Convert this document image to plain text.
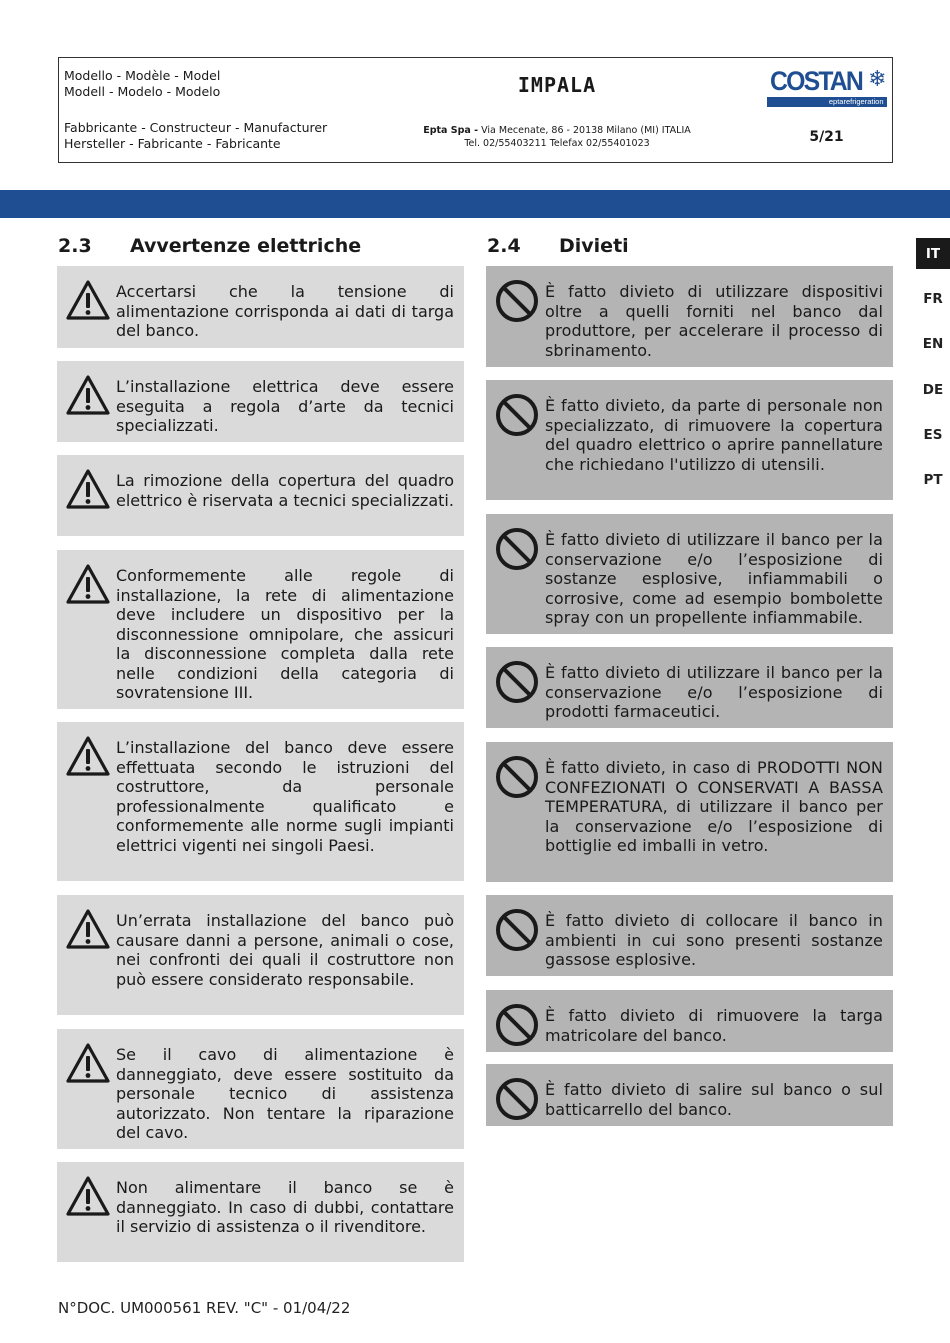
Modello - Modèle - Model
Modell - Modelo - Modelo	IMPALA	COSTAN ❄
eptarefrigeration
Fabbricante - Constructeur - Manufacturer
Hersteller - Fabricante - Fabricante
Epta Spa - Via Mecenate, 86 - 20138 Milano (MI) ITALIA
Tel. 02/55403211 Telefax 02/55401023	5/21
IT
FR
EN
DE
ES
PT
2.3 Avvertenze elettriche	2.4 Divieti
Accertarsi che la tensione di alimentazione corrisponda ai dati di targa del banco.
L’installazione elettrica deve essere eseguita a regola d’arte da tecnici specializzati.
La rimozione della copertura del quadro elettrico è riservata a tecnici specializzati.
Conformemente alle regole di installazione, la rete di alimentazione deve includere un dispositivo per la disconnessione omnipolare, che assicuri la disconnessione completa dalla rete nelle condizioni della categoria di sovratensione III.
L’installazione del banco deve essere effettuata secondo le istruzioni del costruttore, da personale professionalmente qualificato e conformemente alle norme sugli impianti elettrici vigenti nei singoli Paesi.
Un’errata installazione del banco può causare danni a persone, animali o cose, nei confronti dei quali il costruttore non può essere considerato responsabile.
Se il cavo di alimentazione è danneggiato, deve essere sostituito da personale tecnico di assistenza autorizzato. Non tentare la riparazione del cavo.
Non alimentare il banco se è danneggiato. In caso di dubbi, contattare il servizio di assistenza o il rivenditore.
È fatto divieto di utilizzare dispositivi oltre a quelli forniti nel banco dal produttore, per accelerare il processo di sbrinamento.
È fatto divieto, da parte di personale non specializzato, di rimuovere la copertura del quadro elettrico o aprire pannellature che richiedano l'utilizzo di utensili.
È fatto divieto di utilizzare il banco per la conservazione e/o l’esposizione di sostanze esplosive, infiammabili o corrosive, come ad esempio bombolette spray con un propellente infiammabile.
È fatto divieto di utilizzare il banco per la conservazione e/o l’esposizione di prodotti farmaceutici.
È fatto divieto, in caso di PRODOTTI NON CONFEZIONATI O CONSERVATI A BASSA TEMPERATURA, di utilizzare il banco per la conservazione e/o l’esposizione di bottiglie ed imballi in vetro.
È fatto divieto di collocare il banco in ambienti in cui sono presenti sostanze gassose esplosive.
È fatto divieto di rimuovere la targa matricolare del banco.
È fatto divieto di salire sul banco o sul batticarrello del banco.
N°DOC. UM000561 REV. "C" - 01/04/22
